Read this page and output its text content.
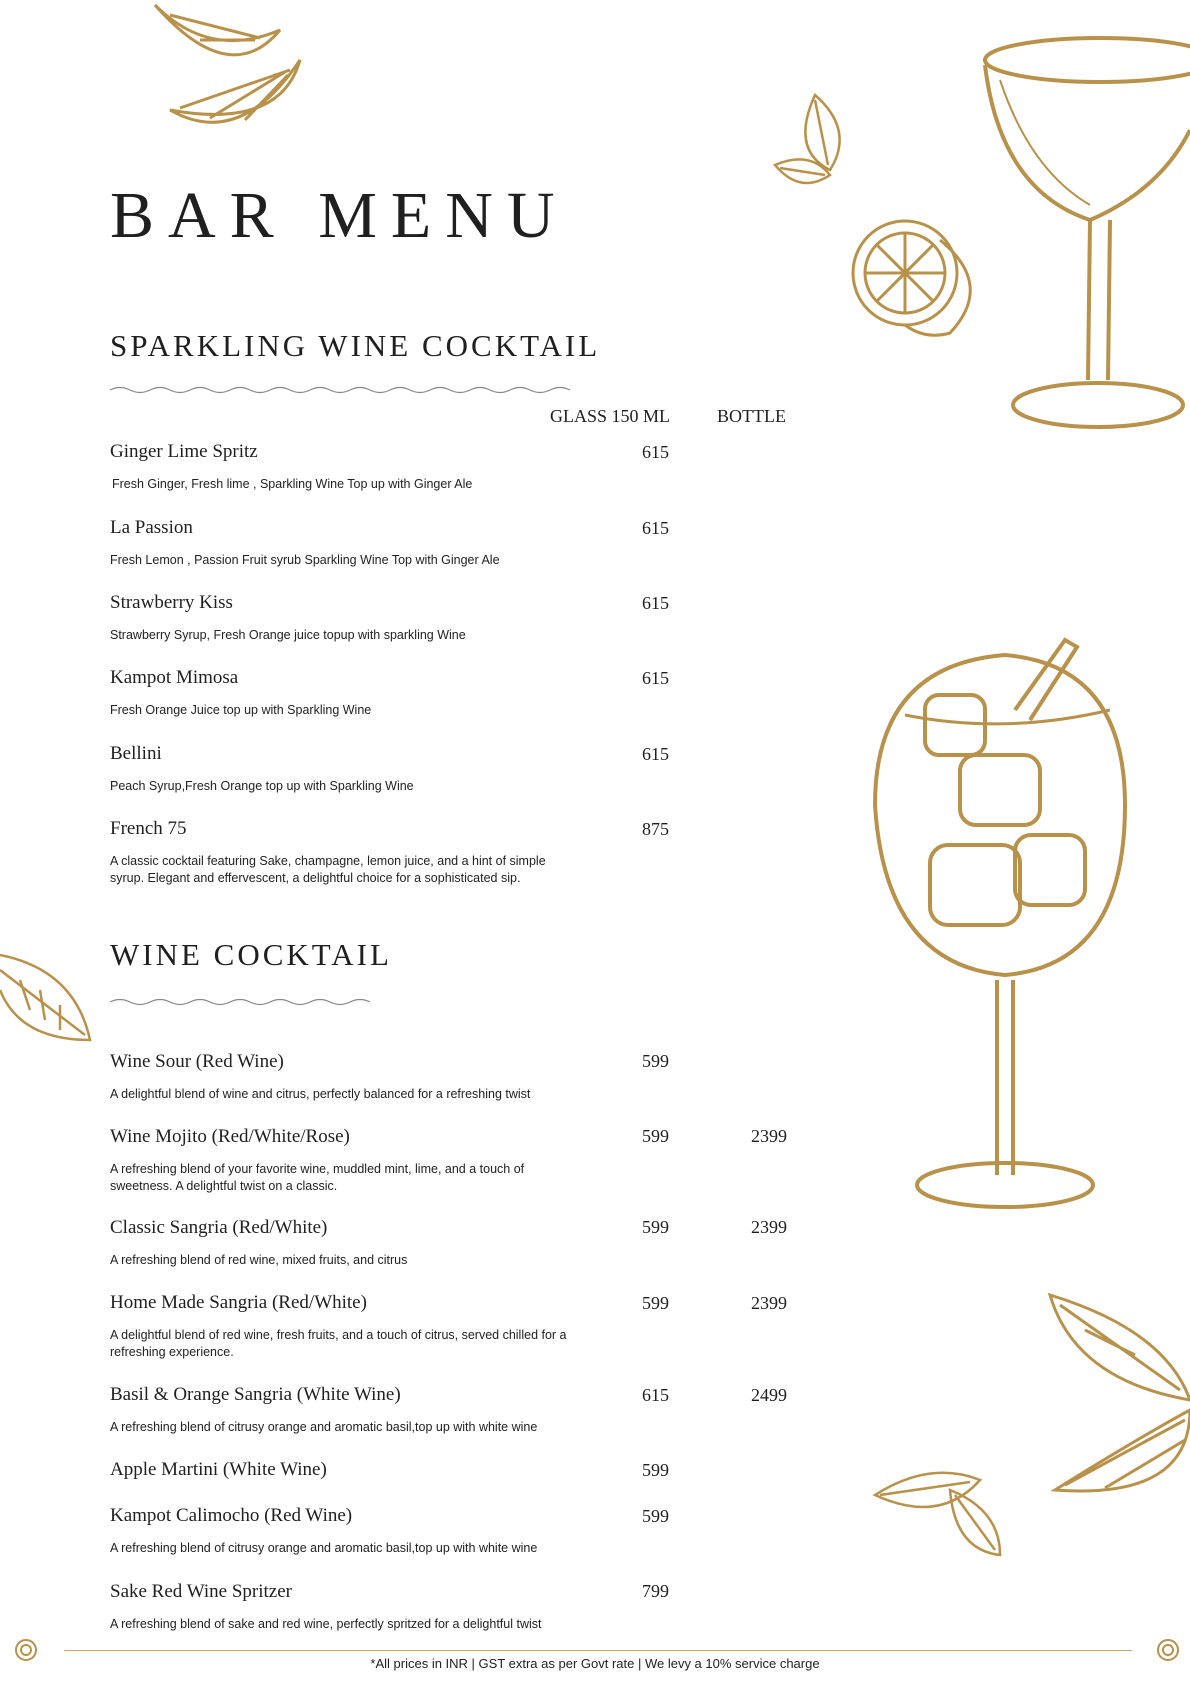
BAR MENU
SPARKLING WINE COCKTAIL
GLASS 150 ML	BOTTLE
Ginger Lime Spritz	615
Fresh Ginger, Fresh lime , Sparkling Wine Top up with Ginger Ale
La Passion	615
Fresh Lemon , Passion Fruit syrub Sparkling Wine Top with Ginger Ale
Strawberry Kiss	615
Strawberry Syrup, Fresh Orange juice topup with sparkling Wine
Kampot Mimosa	615
Fresh Orange Juice top up with Sparkling Wine
Bellini	615
Peach Syrup,Fresh Orange top up with Sparkling Wine
French 75	875
A classic cocktail featuring Sake, champagne, lemon juice, and a hint of simple syrup. Elegant and effervescent, a delightful choice for a sophisticated sip.
WINE COCKTAIL
Wine Sour (Red Wine)	599
A delightful blend of wine and citrus, perfectly balanced for a refreshing twist
Wine Mojito (Red/White/Rose)	599	2399
A refreshing blend of your favorite wine, muddled mint, lime, and a touch of sweetness. A delightful twist on a classic.
Classic Sangria (Red/White)	599	2399
A refreshing blend of red wine, mixed fruits, and citrus
Home Made Sangria (Red/White)	599	2399
A delightful blend of red wine, fresh fruits, and a touch of citrus, served chilled for a refreshing experience.
Basil & Orange Sangria (White Wine)	615	2499
A refreshing blend of citrusy orange and aromatic basil,top up with white wine
Apple Martini (White Wine)	599
Kampot Calimocho (Red Wine)	599
A refreshing blend of citrusy orange and aromatic basil,top up with white wine
Sake Red Wine Spritzer	799
A refreshing blend of sake and red wine, perfectly spritzed for a delightful twist
*All prices in INR | GST extra as per Govt rate | We levy a 10% service charge
